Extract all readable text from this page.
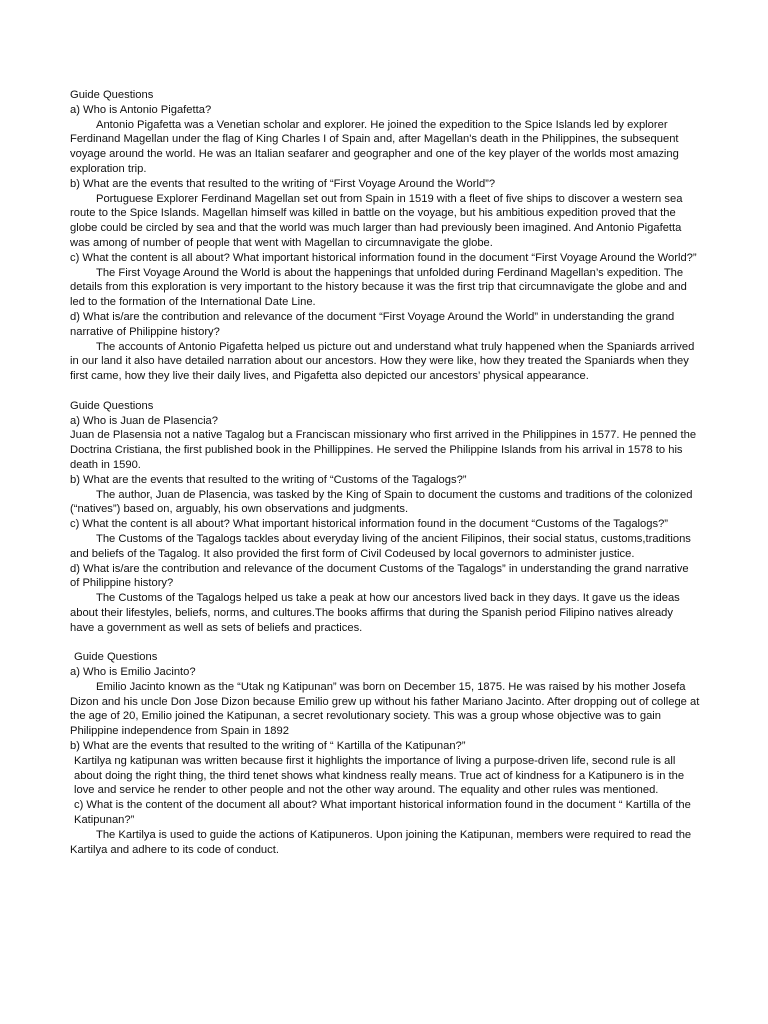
Guide Questions

a) Who is Antonio Pigafetta?

Antonio Pigafetta was a Venetian scholar and explorer. He joined the expedition to the Spice Islands led by explorer Ferdinand Magellan under the flag of King Charles I of Spain and, after Magellan's death in the Philippines, the subsequent voyage around the world. He was an Italian seafarer and geographer and one of the key player of the worlds most amazing exploration trip.

b) What are the events that resulted to the writing of “First Voyage Around the World”?

Portuguese Explorer Ferdinand Magellan set out from Spain in 1519 with a fleet of five ships to discover a western sea route to the Spice Islands. Magellan himself was killed in battle on the voyage, but his ambitious expedition proved that the globe could be circled by sea and that the world was much larger than had previously been imagined. And Antonio Pigafetta was among of number of people that went with Magellan to circumnavigate the globe.

c) What the content is all about? What important historical information found in the document “First Voyage Around the World?”

The First Voyage Around the World is about the happenings that unfolded during Ferdinand Magellan’s expedition. The details from this exploration is very important to the history because it was the first trip that circumnavigate the globe and and led to the formation of the International Date Line.

d) What is/are the contribution and relevance of the document “First Voyage Around the World” in understanding the grand narrative of Philippine history?

The accounts of Antonio Pigafetta helped us picture out and understand what truly happened when the Spaniards arrived in our land it also have detailed narration about our ancestors. How they were like, how they treated the Spaniards when they first came, how they live their daily lives, and Pigafetta also depicted our ancestors’ physical appearance.

Guide Questions

a) Who is Juan de Plasencia?

Juan de Plasensia not a native Tagalog but a Franciscan missionary who first arrived in the Philippines in 1577. He penned the Doctrina Cristiana, the first published book in the Phillippines. He served the Philippine Islands from his arrival in 1578 to his death in 1590.

b) What are the events that resulted to the writing of “Customs of the Tagalogs?”

The author, Juan de Plasencia, was tasked by the King of Spain to document the customs and traditions of the colonized (“natives”) based on, arguably, his own observations and judgments.

c) What the content is all about? What important historical information found in the document “Customs of the Tagalogs?”

The Customs of the Tagalogs tackles about everyday living of the ancient Filipinos, their social status, customs,traditions and beliefs of the Tagalog. It also provided the first form of Civil Codeused by local governors to administer justice.

d) What is/are the contribution and relevance of the document Customs of the Tagalogs” in understanding the grand narrative of Philippine history?

The Customs of the Tagalogs helped us take a peak at how our ancestors lived back in they days. It gave us the ideas about their lifestyles, beliefs, norms, and cultures.The books affirms that during the Spanish period Filipino natives already have a government as well as sets of beliefs and practices.

Guide Questions

a) Who is Emilio Jacinto?

Emilio Jacinto known as the “Utak ng Katipunan” was born on December 15, 1875. He was raised by his mother Josefa Dizon and his uncle Don Jose Dizon because Emilio grew up without his father Mariano Jacinto. After dropping out of college at the age of 20, Emilio joined the Katipunan, a secret revolutionary society. This was a group whose objective was to gain Philippine independence from Spain in 1892

b) What are the events that resulted to the writing of “ Kartilla of the Katipunan?”

Kartilya ng katipunan was written because first it highlights the importance of living a purpose-driven life, second rule is all about doing the right thing, the third tenet shows what kindness really means. True act of kindness for a Katipunero is in the love and service he render to other people and not the other way around. The equality and other rules was mentioned.

c) What is the content of the document all about? What important historical information found in the document “ Kartilla of the Katipunan?”

The Kartilya is used to guide the actions of Katipuneros. Upon joining the Katipunan, members were required to read the Kartilya and adhere to its code of conduct.
